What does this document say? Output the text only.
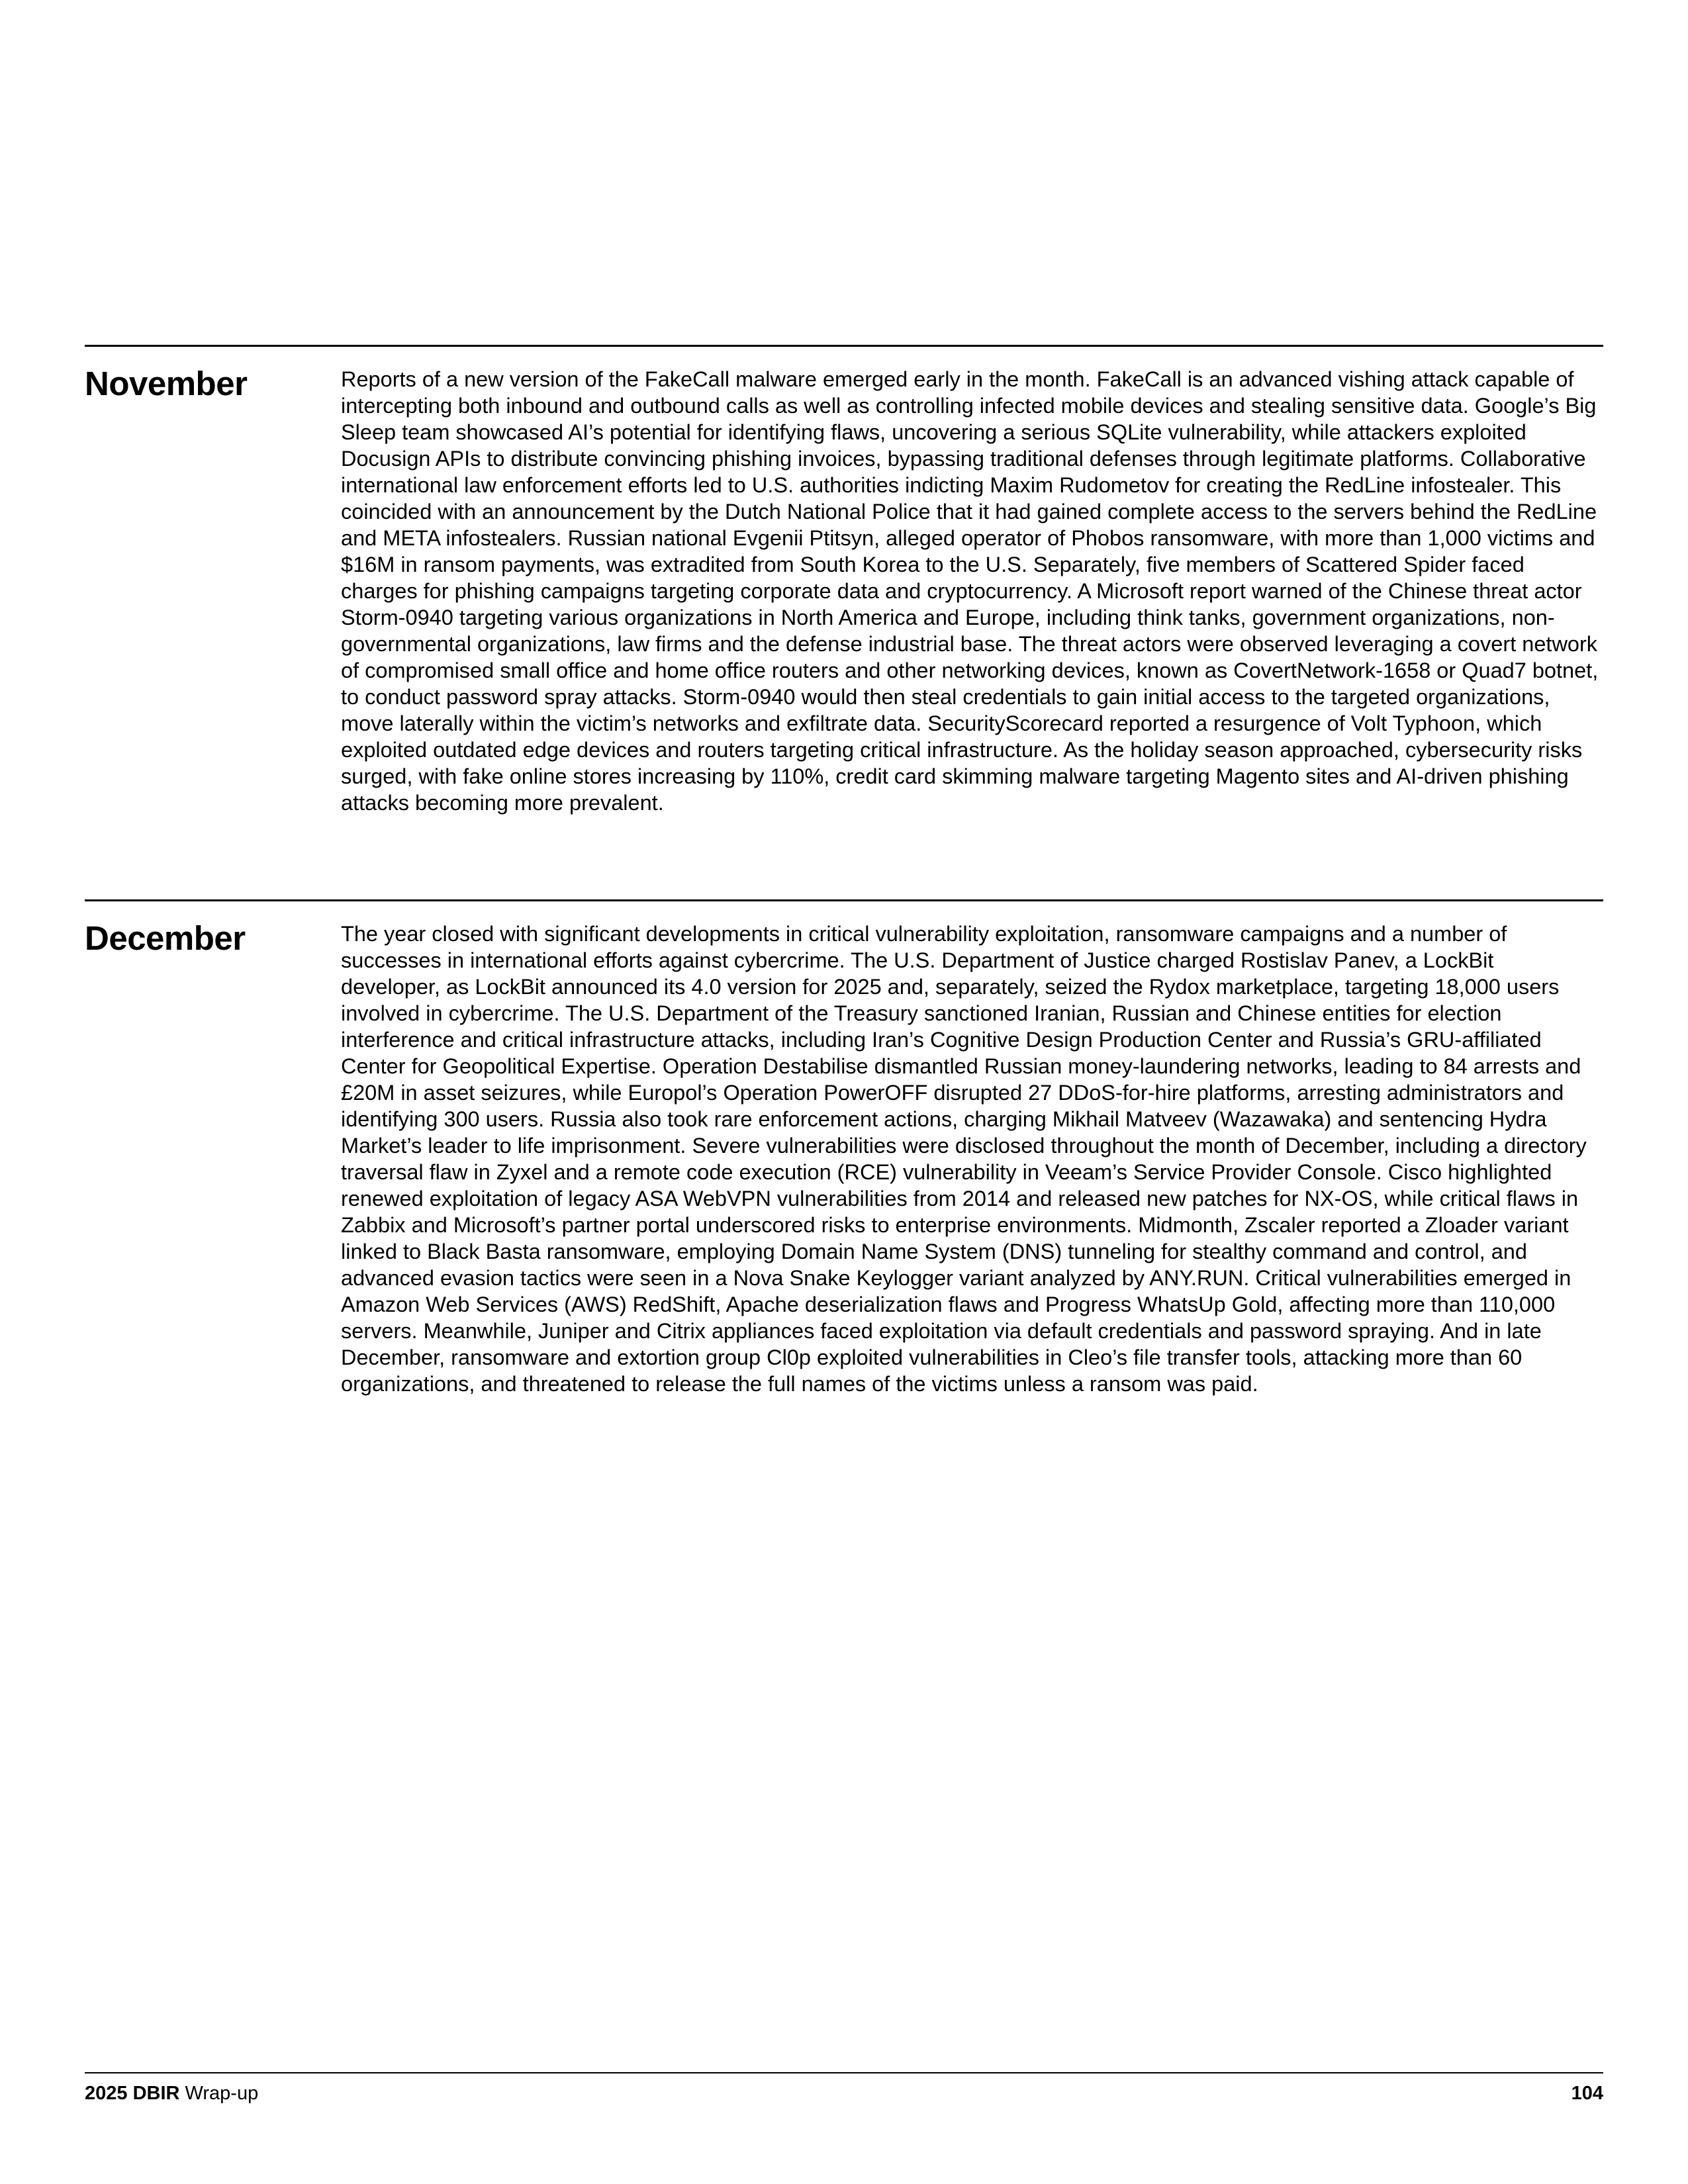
November	Reports of a new version of the FakeCall malware emerged early in the month. FakeCall is an advanced vishing attack capable of intercepting both inbound and outbound calls as well as controlling infected mobile devices and stealing sensitive data. Google’s Big Sleep team showcased AI’s potential for identifying flaws, uncovering a serious SQLite vulnerability, while attackers exploited Docusign APIs to distribute convincing phishing invoices, bypassing traditional defenses through legitimate platforms. Collaborative international law enforcement efforts led to U.S. authorities indicting Maxim Rudometov for creating the RedLine infostealer. This coincided with an announcement by the Dutch National Police that it had gained complete access to the servers behind the RedLine and META infostealers. Russian national Evgenii Ptitsyn, alleged operator of Phobos ransomware, with more than 1,000 victims and $16M in ransom payments, was extradited from South Korea to the U.S. Separately, five members of Scattered Spider faced charges for phishing campaigns targeting corporate data and cryptocurrency. A Microsoft report warned of the Chinese threat actor Storm-0940 targeting various organizations in North America and Europe, including think tanks, government organizations, non-governmental organizations, law firms and the defense industrial base. The threat actors were observed leveraging a covert network of compromised small office and home office routers and other networking devices, known as CovertNetwork-1658 or Quad7 botnet, to conduct password spray attacks. Storm-0940 would then steal credentials to gain initial access to the targeted organizations, move laterally within the victim’s networks and exfiltrate data. SecurityScorecard reported a resurgence of Volt Typhoon, which exploited outdated edge devices and routers targeting critical infrastructure. As the holiday season approached, cybersecurity risks surged, with fake online stores increasing by 110%, credit card skimming malware targeting Magento sites and AI-driven phishing attacks becoming more prevalent.

December	The year closed with significant developments in critical vulnerability exploitation, ransomware campaigns and a number of successes in international efforts against cybercrime. The U.S. Department of Justice charged Rostislav Panev, a LockBit developer, as LockBit announced its 4.0 version for 2025 and, separately, seized the Rydox marketplace, targeting 18,000 users involved in cybercrime. The U.S. Department of the Treasury sanctioned Iranian, Russian and Chinese entities for election interference and critical infrastructure attacks, including Iran’s Cognitive Design Production Center and Russia’s GRU-affiliated Center for Geopolitical Expertise. Operation Destabilise dismantled Russian money-laundering networks, leading to 84 arrests and £20M in asset seizures, while Europol’s Operation PowerOFF disrupted 27 DDoS-for-hire platforms, arresting administrators and identifying 300 users. Russia also took rare enforcement actions, charging Mikhail Matveev (Wazawaka) and sentencing Hydra Market’s leader to life imprisonment. Severe vulnerabilities were disclosed throughout the month of December, including a directory traversal flaw in Zyxel and a remote code execution (RCE) vulnerability in Veeam’s Service Provider Console. Cisco highlighted renewed exploitation of legacy ASA WebVPN vulnerabilities from 2014 and released new patches for NX-OS, while critical flaws in Zabbix and Microsoft’s partner portal underscored risks to enterprise environments. Midmonth, Zscaler reported a Zloader variant linked to Black Basta ransomware, employing Domain Name System (DNS) tunneling for stealthy command and control, and advanced evasion tactics were seen in a Nova Snake Keylogger variant analyzed by ANY.RUN. Critical vulnerabilities emerged in Amazon Web Services (AWS) RedShift, Apache deserialization flaws and Progress WhatsUp Gold, affecting more than 110,000 servers. Meanwhile, Juniper and Citrix appliances faced exploitation via default credentials and password spraying. And in late December, ransomware and extortion group Cl0p exploited vulnerabilities in Cleo’s file transfer tools, attacking more than 60 organizations, and threatened to release the full names of the victims unless a ransom was paid.

2025 DBIR Wrap-up	104
